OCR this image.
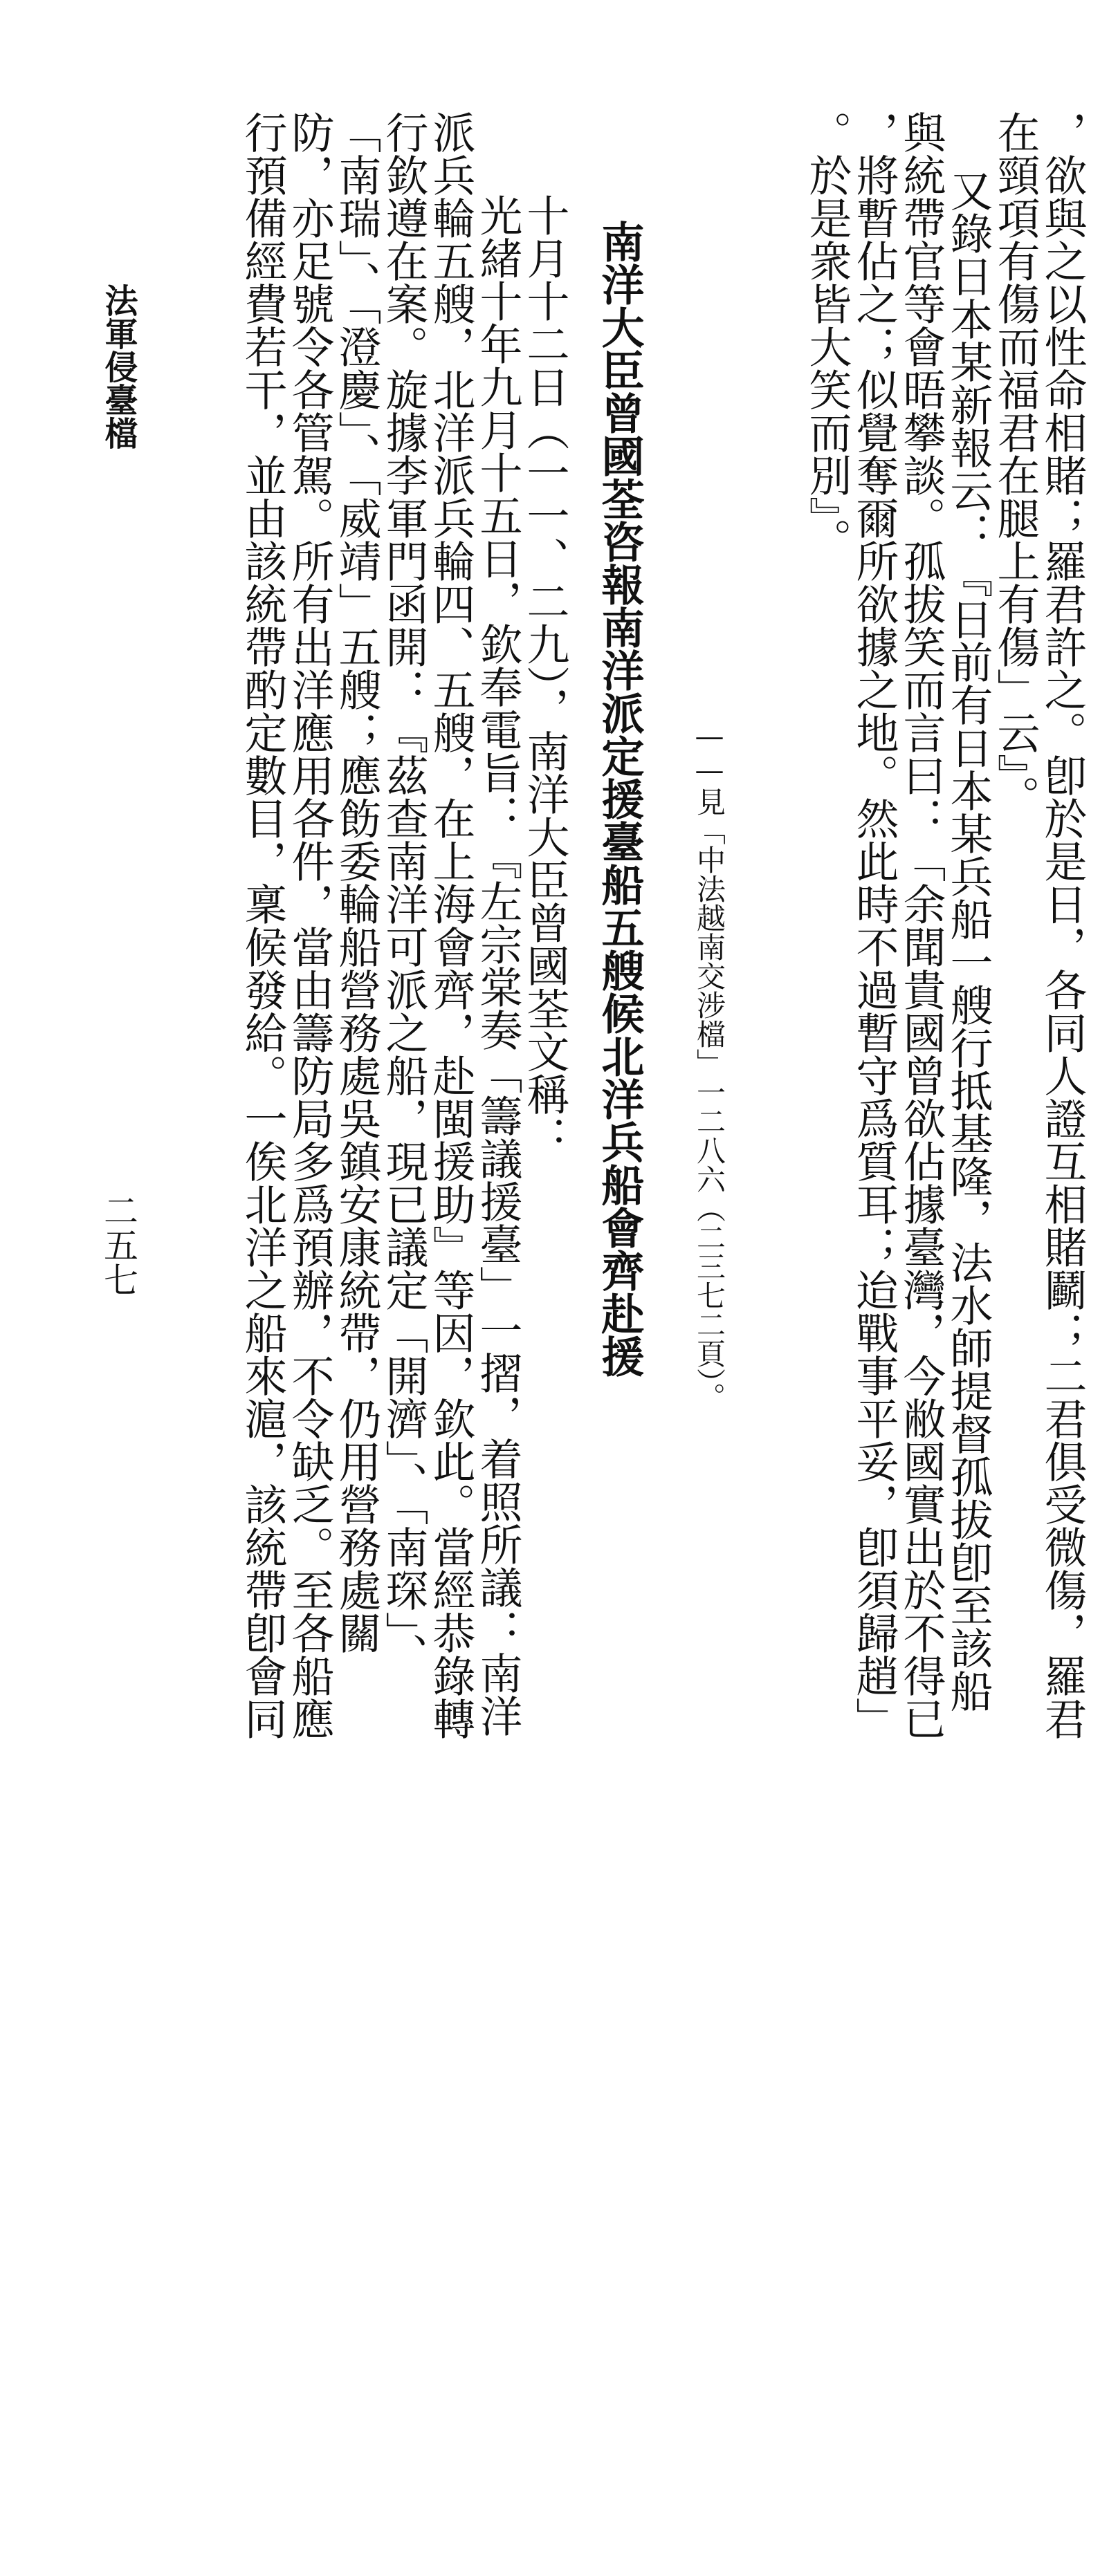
，欲與之以性命相賭；羅君許之。卽於是日，各同人證互相賭鬬；二君俱受微傷，羅君
在頸項有傷而福君在腿上有傷」云』。
又錄日本某新報云：『日前有日本某兵船一艘行抵基隆，法水師提督孤拔卽至該船
與統帶官等會晤攀談。孤拔笑而言曰：「余聞貴國曾欲佔據臺灣，今敝國實出於不得已
，將暫佔之；似覺奪爾所欲據之地。然此時不過暫守爲質耳；迨戰事平妥，卽須歸趙」
。於是衆皆大笑而別』。
——見「中法越南交涉檔」一二八六（二三七二頁）。
南洋大臣曾國荃咨報南洋派定援臺船五艘候北洋兵船會齊赴援
十月十二日（一一、二九），南洋大臣曾國荃文稱：
光緒十年九月十五日，欽奉電旨：『左宗棠奏「籌議援臺」一摺，着照所議：南洋
派兵輪五艘，北洋派兵輪四、五艘，在上海會齊，赴閩援助』等因，欽此。當經恭錄轉
行欽遵在案。旋據李軍門函開：『茲查南洋可派之船，現已議定「開濟」、「南琛」、
「南瑞」、「澄慶」、「威靖」五艘；應飭委輪船營務處吳鎮安康統帶，仍用營務處關
防，亦足號令各管駕。所有出洋應用各件，當由籌防局多爲預辦，不令缺乏。至各船應
行預備經費若干，並由該統帶酌定數目，稟候發給。一俟北洋之船來滬，該統帶卽會同
法軍侵臺檔
二五七
